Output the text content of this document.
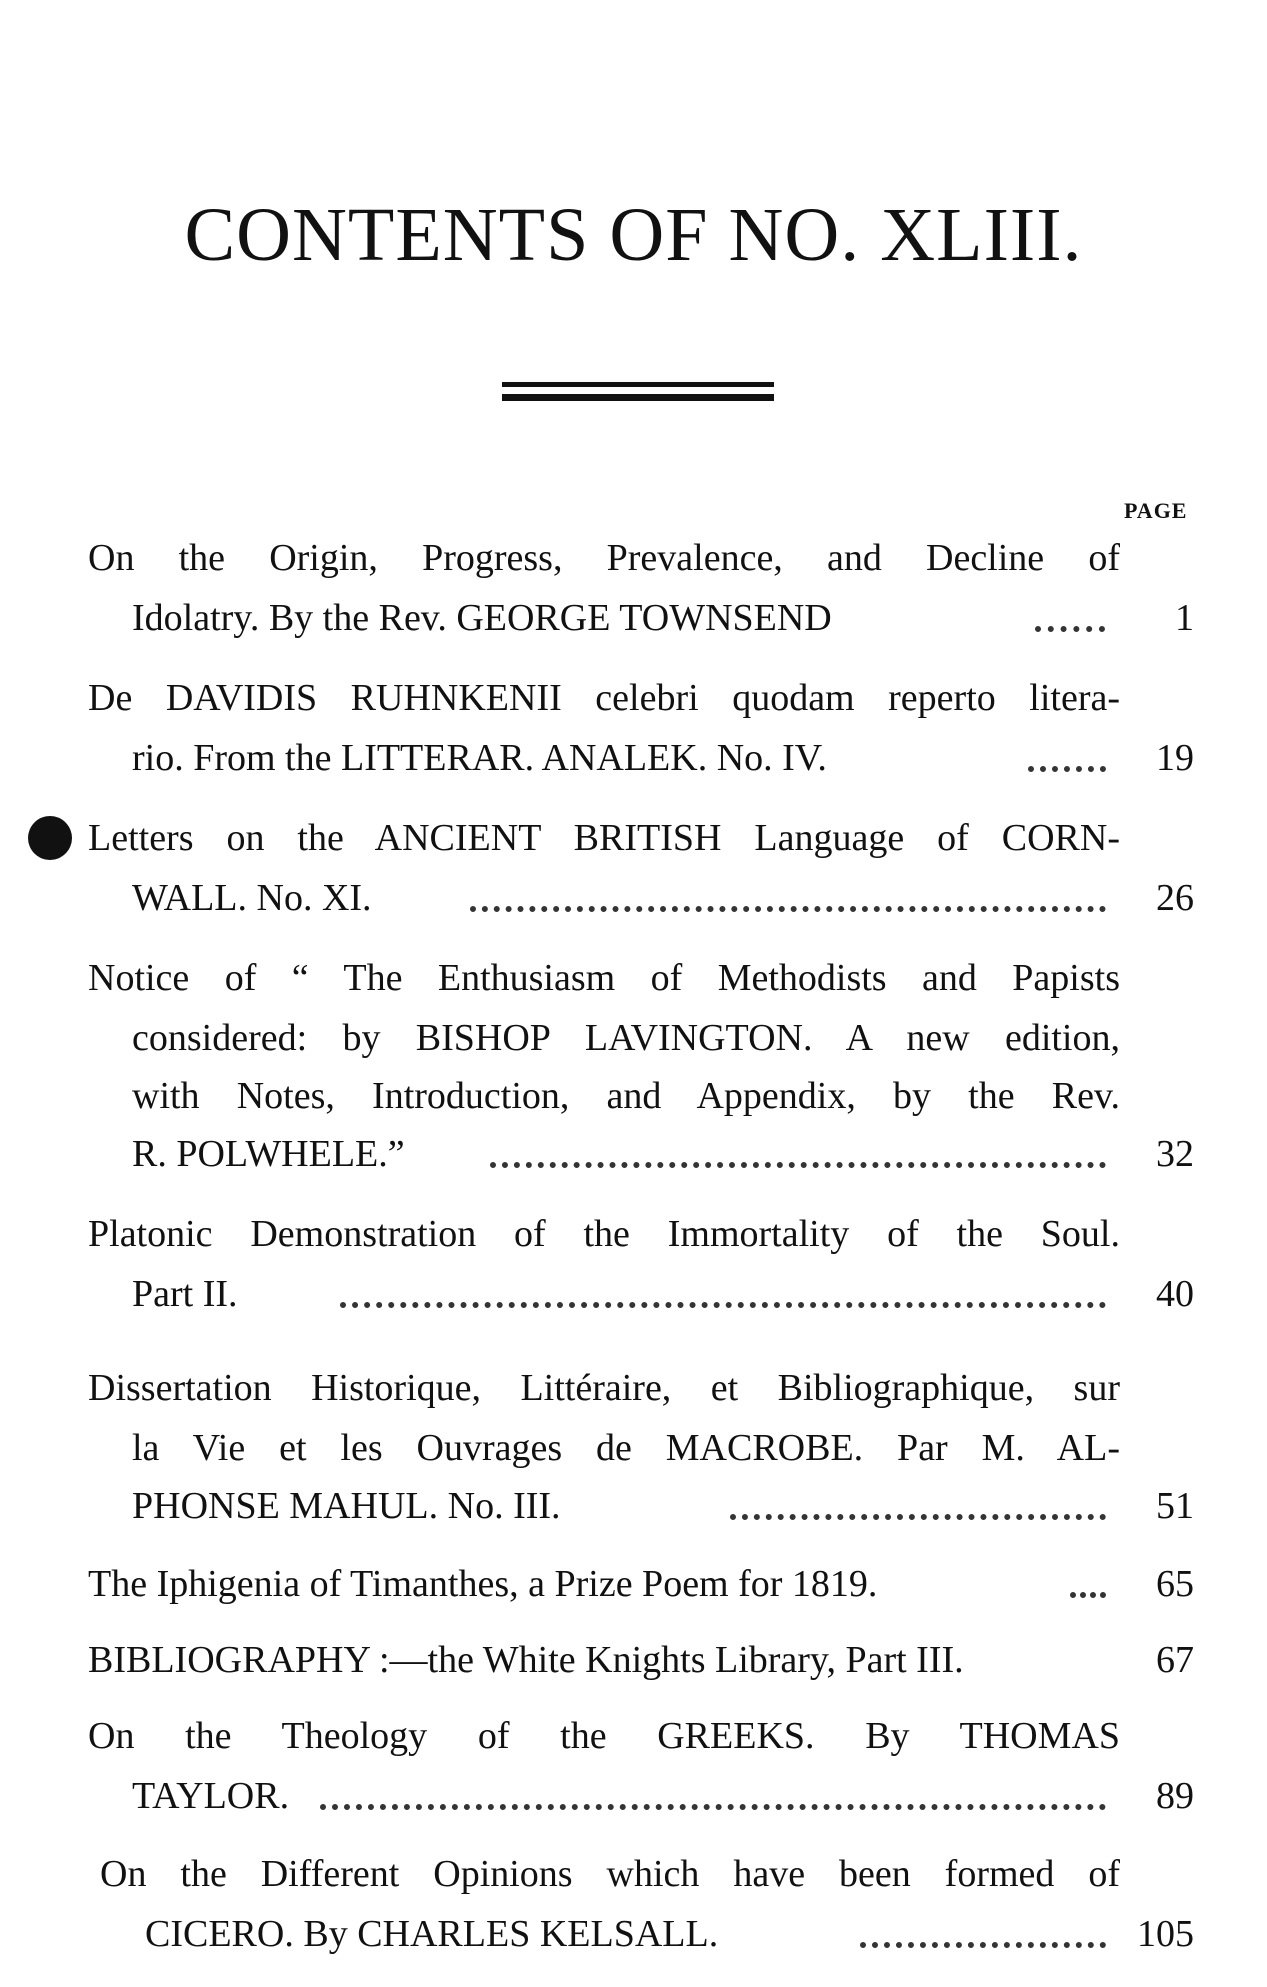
CONTENTS OF NO. XLIII.
PAGE
On the Origin, Progress, Prevalence, and Decline of
Idolatry. By the Rev. GEORGE TOWNSEND	1
De DAVIDIS RUHNKENII celebri quodam reperto litera-
rio. From the LITTERAR. ANALEK. No. IV.	19
Letters on the ANCIENT BRITISH Language of CORN-
WALL. No. XI.	26
Notice of “ The Enthusiasm of Methodists and Papists
considered: by BISHOP LAVINGTON. A new edition,
with Notes, Introduction, and Appendix, by the Rev.
R. POLWHELE.”	32
Platonic Demonstration of the Immortality of the Soul.
Part II.	40
Dissertation Historique, Littéraire, et Bibliographique, sur
la Vie et les Ouvrages de MACROBE. Par M. AL-
PHONSE MAHUL. No. III.	51
The Iphigenia of Timanthes, a Prize Poem for 1819.	65
BIBLIOGRAPHY :—the White Knights Library, Part III.	67
On the Theology of the GREEKS. By THOMAS
TAYLOR.	89
On the Different Opinions which have been formed of
CICERO. By CHARLES KELSALL.	105
